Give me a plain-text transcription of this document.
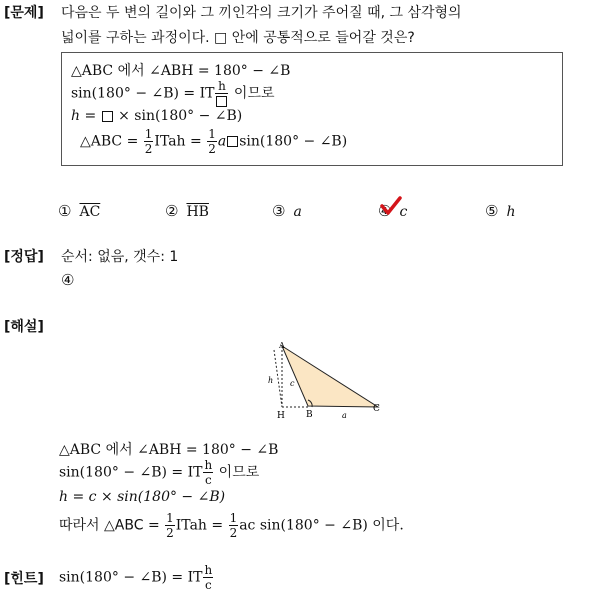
[문제] 다음은 두 변의 길이와 그 끼인각의 크기가 주어질 때, 그 삼각형의
넓이를 구하는 과정이다. □ 안에 공통적으로 들어갈 것은?
△ABC 에서 ∠ABH = 180° − ∠B
sin(180° − ∠B) = IT h 이므로
h =  × sin(180° − ∠B)
△ABC = $\frac{1}{2}$ ITah = $\frac{1}{2}$ a sin(180° − ∠B)
① $\overline{AC}$	② $\overline{HB}$	③ a	④ c	⑤ h
[정답] 순서: 없음, 갯수: 1
④
[해설]
A
H B
C
h c
a
△ABC 에서 ∠ABH = 180° − ∠B
sin(180° − ∠B) = IT $\frac{h}{c}$ 이므로
h = c × sin(180° − ∠B)
따라서 △ABC = $\frac{1}{2}$ ITah = $\frac{1}{2}$ ac sin(180° − ∠B) 이다.
[힌트] sin(180° − ∠B) = IT $\frac{h}{c}$
